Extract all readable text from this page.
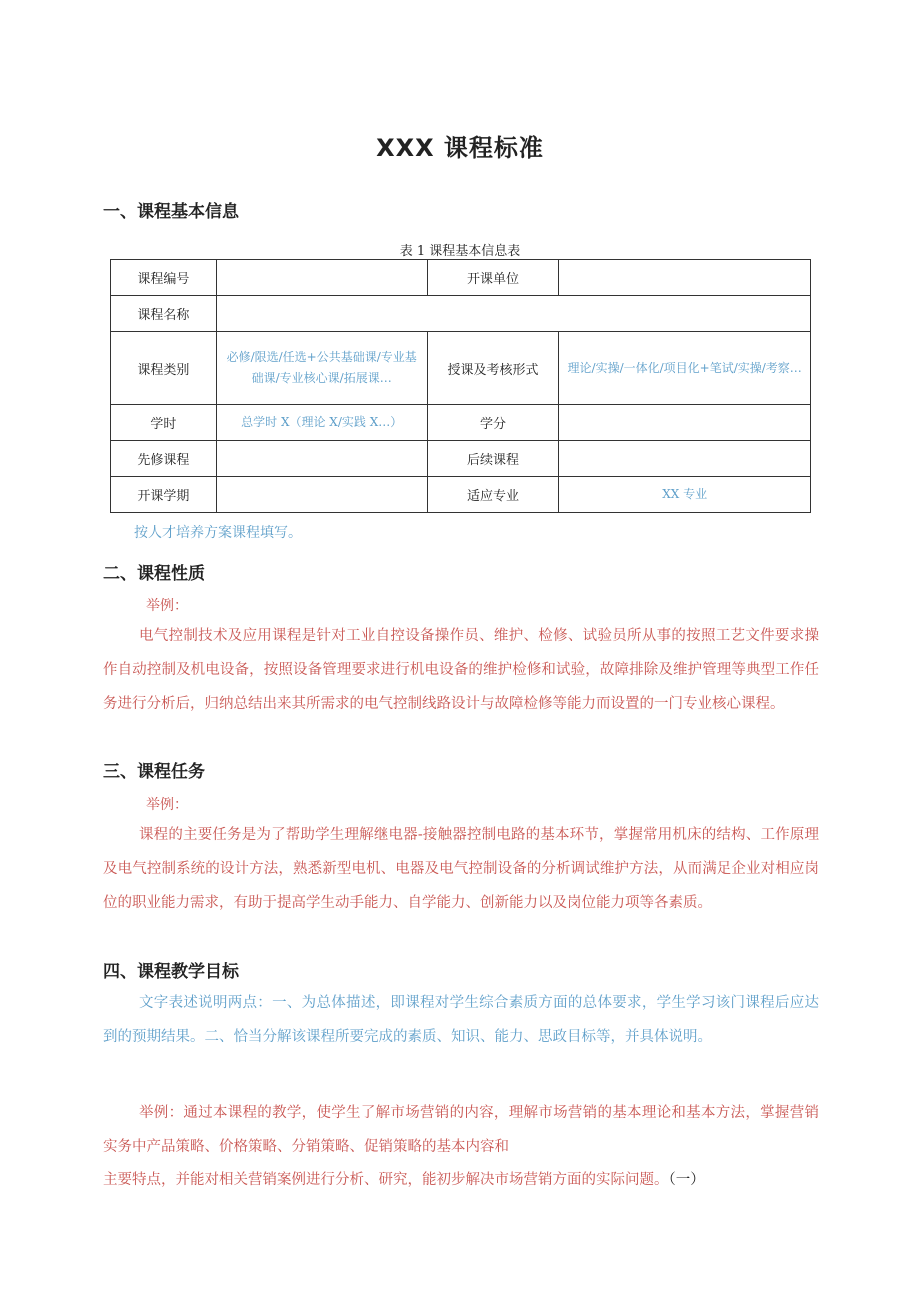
XXX 课程标准
一、课程基本信息
表 1 课程基本信息表
课程编号		开课单位	
课程名称			
课程类别	必修/限选/任选+公共基础课/专业基础课/专业核心课/拓展课…	授课及考核形式	理论/实操/一体化/项目化+笔试/实操/考察…
学时	总学时 X（理论 X/实践 X…）	学分	
先修课程		后续课程	
开课学期		适应专业	XX 专业
按人才培养方案课程填写。
二、课程性质
举例：

电气控制技术及应用课程是针对工业自控设备操作员、维护、检修、试验员所从事的按照工艺文件要求操作自动控制及机电设备，按照设备管理要求进行机电设备的维护检修和试验，故障排除及维护管理等典型工作任务进行分析后，归纳总结出来其所需求的电气控制线路设计与故障检修等能力而设置的一门专业核心课程。

三、课程任务
举例：

课程的主要任务是为了帮助学生理解继电器-接触器控制电路的基本环节，掌握常用机床的结构、工作原理及电气控制系统的设计方法，熟悉新型电机、电器及电气控制设备的分析调试维护方法，从而满足企业对相应岗位的职业能力需求，有助于提高学生动手能力、自学能力、创新能力以及岗位能力项等各素质。

四、课程教学目标

文字表述说明两点：一、为总体描述，即课程对学生综合素质方面的总体要求，学生学习该门课程后应达到的预期结果。二、恰当分解该课程所要完成的素质、知识、能力、思政目标等，并具体说明。

举例：通过本课程的教学，使学生了解市场营销的内容，理解市场营销的基本理论和基本方法，掌握营销实务中产品策略、价格策略、分销策略、促销策略的基本内容和

主要特点，并能对相关营销案例进行分析、研究，能初步解决市场营销方面的实际问题。（一）
